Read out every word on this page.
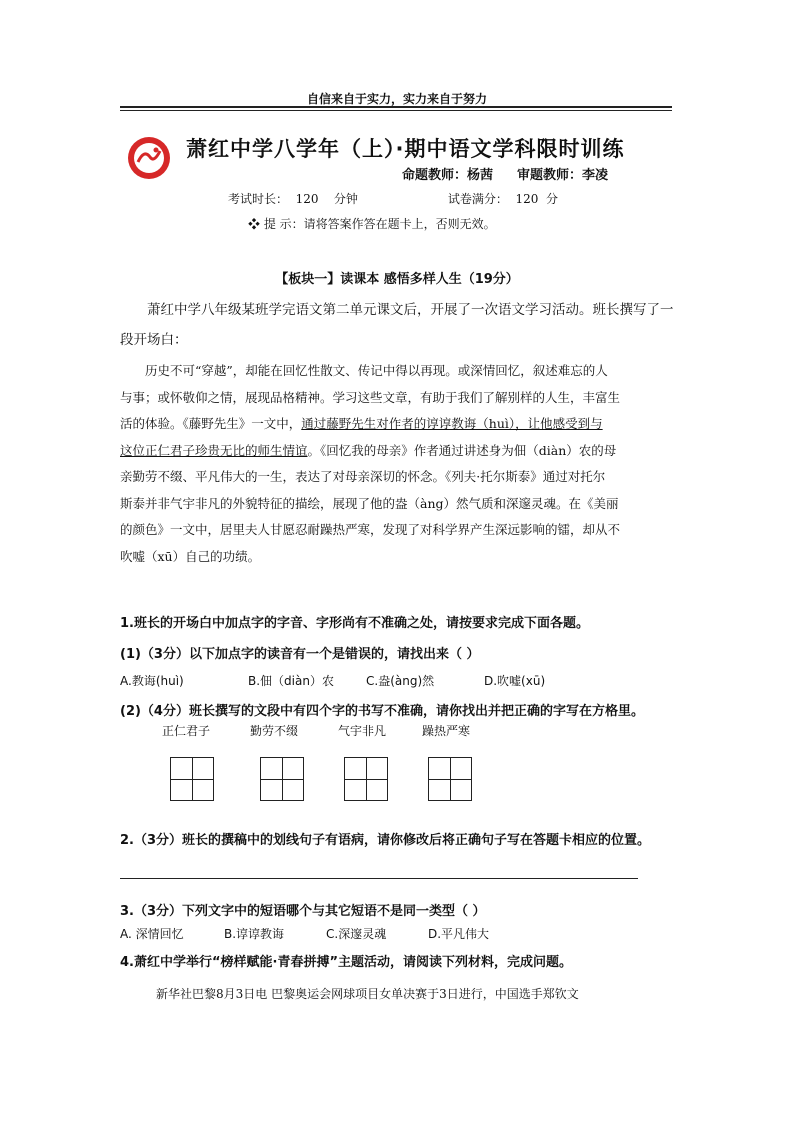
自信来自于实力，实力来自于努力
萧红中学八学年（上）·期中语文学科限时训练
命题教师：杨茜 审题教师：李凌
考试时长： 120 分钟	试卷满分： 120 分
❖ 提 示：请将答案作答在题卡上，否则无效。
【板块一】读课本 感悟多样人生（19分）
萧红中学八年级某班学完语文第二单元课文后，开展了一次语文学习活动。班长撰写了一段开场白：
历史不可“穿越”，却能在回忆性散文、传记中得以再现。或深情回忆，叙述难忘的人
与事；或怀敬仰之情，展现品格精神。学习这些文章，有助于我们了解别样的人生，丰富生
活的体验。《藤野先生》一文中，通过藤野先生对作者的谆谆教诲（huì），让他感受到与
这位正仁君子珍贵无比的师生情谊。《回忆我的母亲》作者通过讲述身为佃（diàn）农的母
亲勤劳不缀、平凡伟大的一生，表达了对母亲深切的怀念。《列夫·托尔斯泰》通过对托尔
斯泰并非气宇非凡的外貌特征的描绘，展现了他的盎（àng）然气质和深邃灵魂。在《美丽
的颜色》一文中，居里夫人甘愿忍耐躁热严寒，发现了对科学界产生深远影响的镭，却从不
吹嘘（xū）自己的功绩。
1.班长的开场白中加点字的字音、字形尚有不准确之处，请按要求完成下面各题。
(1)（3分）以下加点字的读音有一个是错误的，请找出来（ ）
A.教诲(huì)	B.佃（diàn）农	C.盎(àng)然	D.吹嘘(xū)
(2)（4分）班长撰写的文段中有四个字的书写不准确，请你找出并把正确的字写在方格里。
正仁君子	勤劳不缀	气宇非凡	躁热严寒
2.（3分）班长的撰稿中的划线句子有语病，请你修改后将正确句子写在答题卡相应的位置。
3.（3分）下列文字中的短语哪个与其它短语不是同一类型（ ）
A. 深情回忆	B.谆谆教诲	C.深邃灵魂	D.平凡伟大
4.萧红中学举行“榜样赋能·青春拼搏”主题活动，请阅读下列材料，完成问题。
新华社巴黎8月3日电 巴黎奥运会网球项目女单决赛于3日进行，中国选手郑钦文
